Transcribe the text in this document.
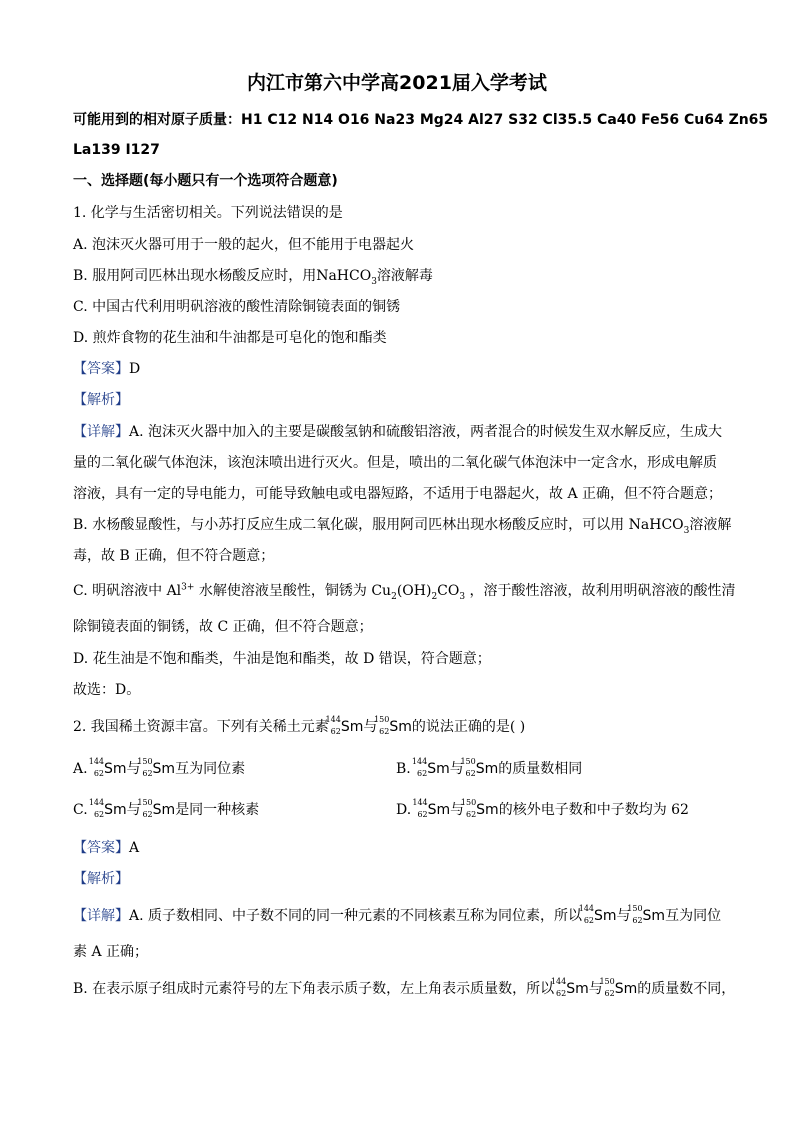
内江市第六中学高2021届入学考试
可能用到的相对原子质量：H1 C12 N14 O16 Na23 Mg24 Al27 S32 Cl35.5 Ca40 Fe56 Cu64 Zn65
La139 I127
一、选择题(每小题只有一个选项符合题意)
1. 化学与生活密切相关。下列说法错误的是
A. 泡沫灭火器可用于一般的起火，但不能用于电器起火
B. 服用阿司匹林出现水杨酸反应时，用NaHCO$_3$溶液解毒
C. 中国古代利用明矾溶液的酸性清除铜镜表面的铜锈
D. 煎炸食物的花生油和牛油都是可皂化的饱和酯类
【答案】D
【解析】
【详解】A. 泡沫灭火器中加入的主要是碳酸氢钠和硫酸铝溶液，两者混合的时候发生双水解反应，生成大
量的二氧化碳气体泡沫，该泡沫喷出进行灭火。但是，喷出的二氧化碳气体泡沫中一定含水，形成电解质
溶液，具有一定的导电能力，可能导致触电或电器短路，不适用于电器起火，故 A 正确，但不符合题意；
B. 水杨酸显酸性，与小苏打反应生成二氧化碳，服用阿司匹林出现水杨酸反应时，可以用 NaHCO$_3$溶液解
毒，故 B 正确，但不符合题意；
C. 明矾溶液中 $Al^{3+}$ 水解使溶液呈酸性，铜锈为 $Cu_2(OH)_2CO_3$ ，溶于酸性溶液，故利用明矾溶液的酸性清
除铜镜表面的铜锈，故 C 正确，但不符合题意；
D. 花生油是不饱和酯类，牛油是饱和酯类，故 D 错误，符合题意；
故选：D。
2. 我国稀土资源丰富。下列有关稀土元素
144
62 Sm与
150
62 Sm的说法正确的是( )
A.
144
62 Sm与
150
62 Sm互为同位素	B.
144
62 Sm与
150
62 Sm的质量数相同
C.
144
62 Sm与
150
62 Sm是同一种核素	D.
144
62 Sm与
150
62 Sm的核外电子数和中子数均为 62
【答案】A
【解析】
【详解】A. 质子数相同、中子数不同的同一种元素的不同核素互称为同位素，所以
144
62 Sm与
150
62 Sm互为同位
素 A 正确；
B. 在表示原子组成时元素符号的左下角表示质子数，左上角表示质量数，所以
144
62 Sm与
150
62 Sm的质量数不同，
